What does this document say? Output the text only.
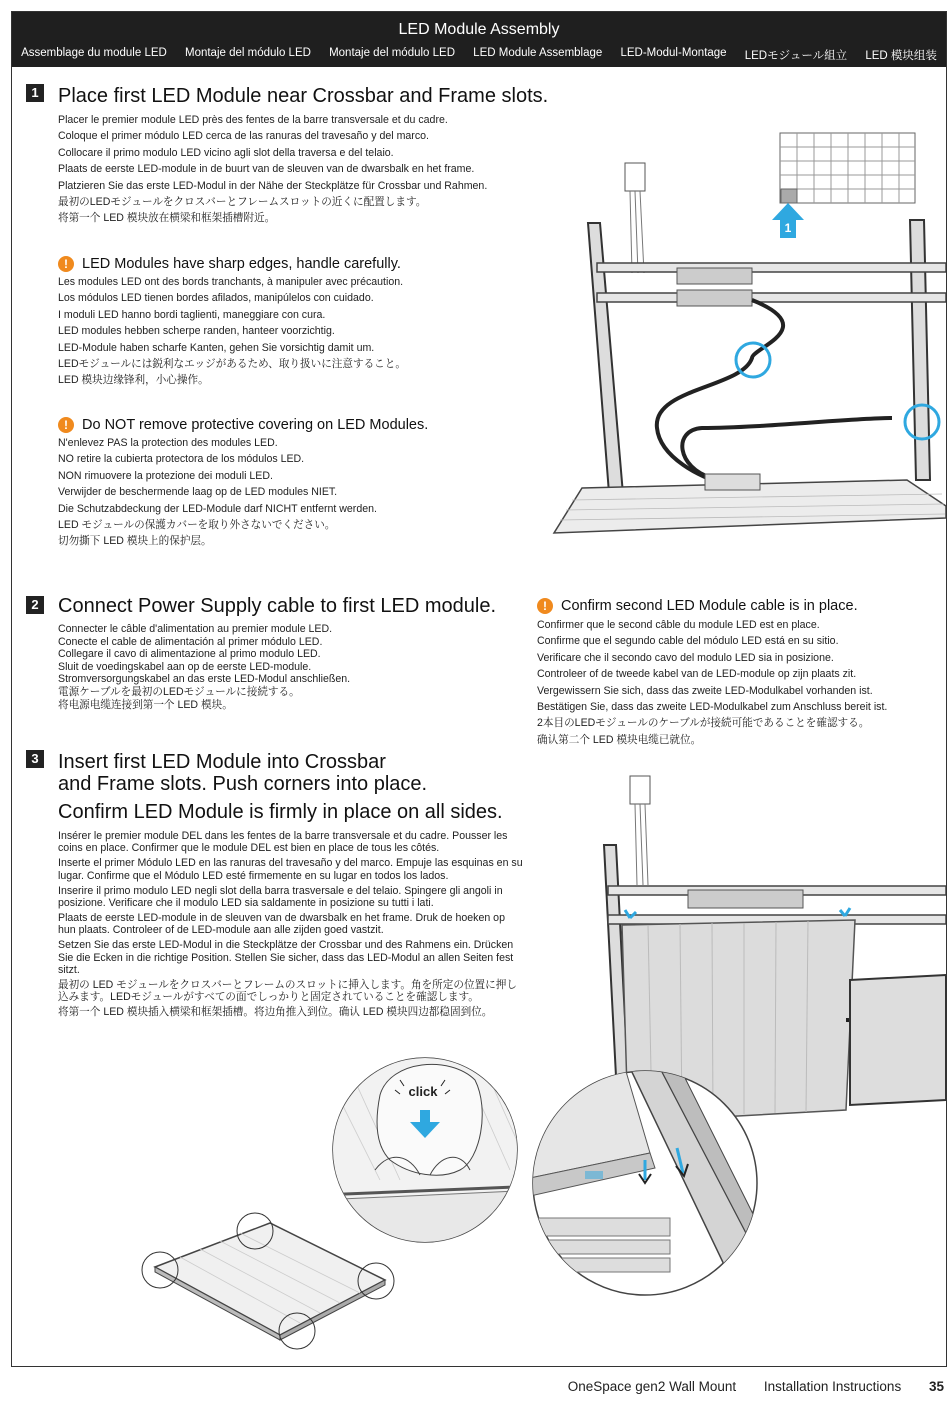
LED Module Assembly
Assemblage du module LED Montaje del módulo LED Montaje del módulo LED LED Module Assemblage LED-Modul-Montage LEDモジュール組立 LED 模块组装
1 Place first LED Module near Crossbar and Frame slots.
Placer le premier module LED près des fentes de la barre transversale et du cadre.
Coloque el primer módulo LED cerca de las ranuras del travesaño y del marco.
Collocare il primo modulo LED vicino agli slot della traversa e del telaio.
Plaats de eerste LED-module in de buurt van de sleuven van de dwarsbalk en het frame.
Platzieren Sie das erste LED-Modul in der Nähe der Steckplätze für Crossbar und Rahmen.
最初のLEDモジュールをクロスバーとフレームスロットの近くに配置します。
将第一个 LED 模块放在横梁和框架插槽附近。
! LED Modules have sharp edges, handle carefully.
Les modules LED ont des bords tranchants, à manipuler avec précaution.
Los módulos LED tienen bordes afilados, manipúlelos con cuidado.
I moduli LED hanno bordi taglienti, maneggiare con cura.
LED modules hebben scherpe randen, hanteer voorzichtig.
LED-Module haben scharfe Kanten, gehen Sie vorsichtig damit um.
LEDモジュールには鋭利なエッジがあるため、取り扱いに注意すること。
LED 模块边缘锋利，小心操作。
! Do NOT remove protective covering on LED Modules.
N'enlevez PAS la protection des modules LED.
NO retire la cubierta protectora de los módulos LED.
NON rimuovere la protezione dei moduli LED.
Verwijder de beschermende laag op de LED modules NIET.
Die Schutzabdeckung der LED-Module darf NICHT entfernt werden.
LED モジュールの保護カバーを取り外さないでください。
切勿撕下 LED 模块上的保护层。
1
2 Connect Power Supply cable to first LED module.
Connecter le câble d'alimentation au premier module LED.
Conecte el cable de alimentación al primer módulo LED.
Collegare il cavo di alimentazione al primo modulo LED.
Sluit de voedingskabel aan op de eerste LED-module.
Stromversorgungskabel an das erste LED-Modul anschließen.
電源ケーブルを最初のLEDモジュールに接続する。
将电源电缆连接到第一个 LED 模块。
! Confirm second LED Module cable is in place.
Confirmer que le second câble du module LED est en place.
Confirme que el segundo cable del módulo LED está en su sitio.
Verificare che il secondo cavo del modulo LED sia in posizione.
Controleer of de tweede kabel van de LED-module op zijn plaats zit.
Vergewissern Sie sich, dass das zweite LED-Modulkabel vorhanden ist.
Bestätigen Sie, dass das zweite LED-Modulkabel zum Anschluss bereit ist.
2本目のLEDモジュールのケーブルが接続可能であることを確認する。
确认第二个 LED 模块电缆已就位。
3 Insert first LED Module into Crossbar
and Frame slots. Push corners into place.
Confirm LED Module is firmly in place on all sides.

Insérer le premier module DEL dans les fentes de la barre transversale et du cadre. Pousser les coins en place. Confirmer que le module DEL est bien en place de tous les côtés.

Inserte el primer Módulo LED en las ranuras del travesaño y del marco. Empuje las esquinas en su lugar. Confirme que el Módulo LED esté firmemente en su lugar en todos los lados.

Inserire il primo modulo LED negli slot della barra trasversale e del telaio. Spingere gli angoli in posizione. Verificare che il modulo LED sia saldamente in posizione su tutti i lati.

Plaats de eerste LED-module in de sleuven van de dwarsbalk en het frame. Druk de hoeken op hun plaats. Controleer of de LED-module aan alle zijden goed vastzit.

Setzen Sie das erste LED-Modul in die Steckplätze der Crossbar und des Rahmens ein. Drücken Sie die Ecken in die richtige Position. Stellen Sie sicher, dass das LED-Modul an allen Seiten fest sitzt.

最初の LED モジュールをクロスバーとフレームのスロットに挿入します。角を所定の位置に押し込みます。LEDモジュールがすべての面でしっかりと固定されていることを確認します。

将第一个 LED 模块插入横梁和框架插槽。将边角推入到位。确认 LED 模块四边都稳固到位。

click
OneSpace gen2 Wall Mount Installation Instructions 35
